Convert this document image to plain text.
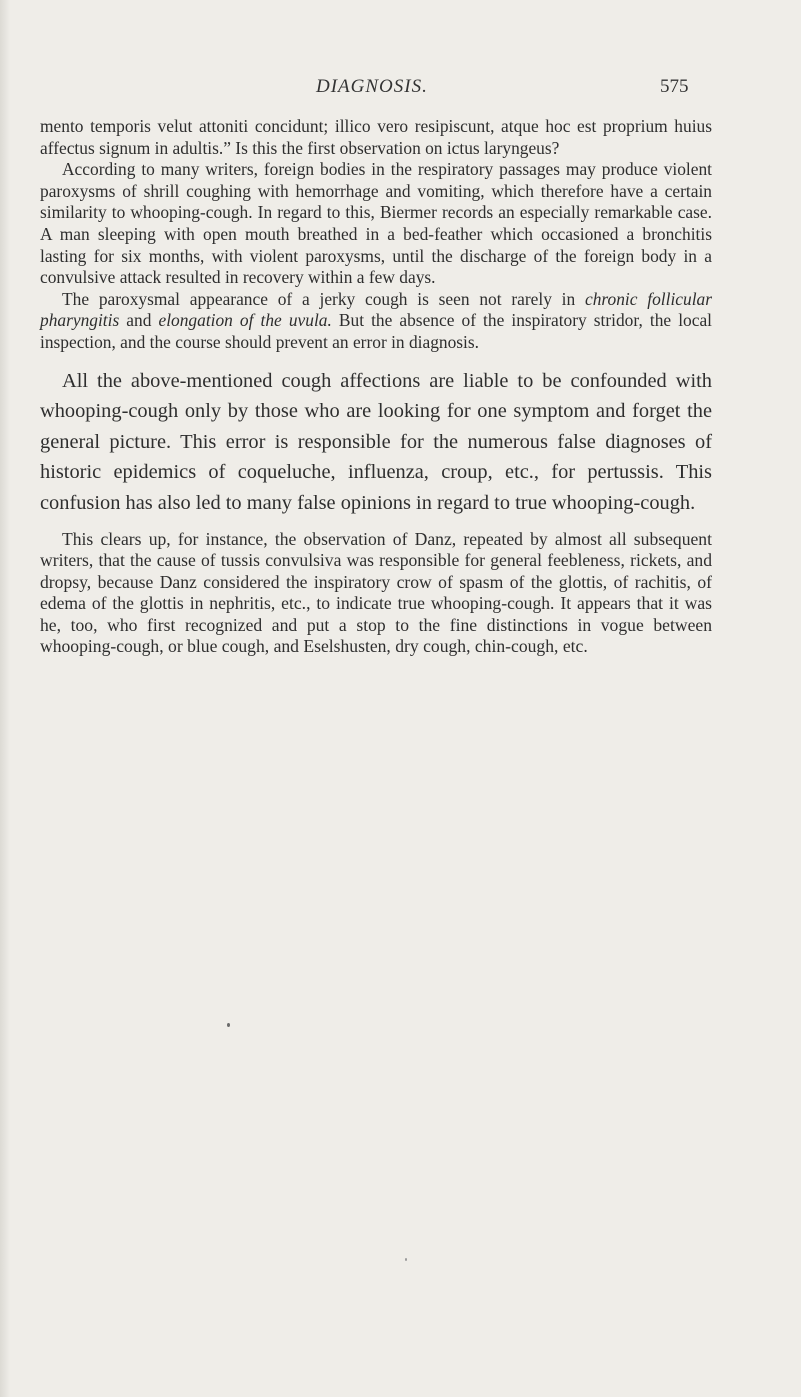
DIAGNOSIS.	575

mento temporis velut attoniti concidunt; illico vero resipiscunt, atque hoc est proprium huius affectus signum in adultis.” Is this the first observation on ictus laryngeus?

According to many writers, foreign bodies in the respiratory passages may produce violent paroxysms of shrill coughing with hemorrhage and vomiting, which therefore have a certain similarity to whooping-cough. In regard to this, Biermer records an especially remarkable case. A man sleeping with open mouth breathed in a bed-feather which occasioned a bronchitis lasting for six months, with violent paroxysms, until the discharge of the foreign body in a convulsive attack resulted in recovery within a few days.

The paroxysmal appearance of a jerky cough is seen not rarely in chronic follicular pharyngitis and elongation of the uvula. But the absence of the inspiratory stridor, the local inspection, and the course should prevent an error in diagnosis.

All the above-mentioned cough affections are liable to be confounded with whooping-cough only by those who are looking for one symptom and forget the general picture. This error is responsible for the numerous false diagnoses of historic epidemics of coqueluche, influenza, croup, etc., for pertussis. This confusion has also led to many false opinions in regard to true whooping-cough.

This clears up, for instance, the observation of Danz, repeated by almost all subsequent writers, that the cause of tussis convulsiva was responsible for general feebleness, rickets, and dropsy, because Danz considered the inspiratory crow of spasm of the glottis, of rachitis, of edema of the glottis in nephritis, etc., to indicate true whooping-cough. It appears that it was he, too, who first recognized and put a stop to the fine distinctions in vogue between whooping-cough, or blue cough, and Eselshusten, dry cough, chin-cough, etc.
